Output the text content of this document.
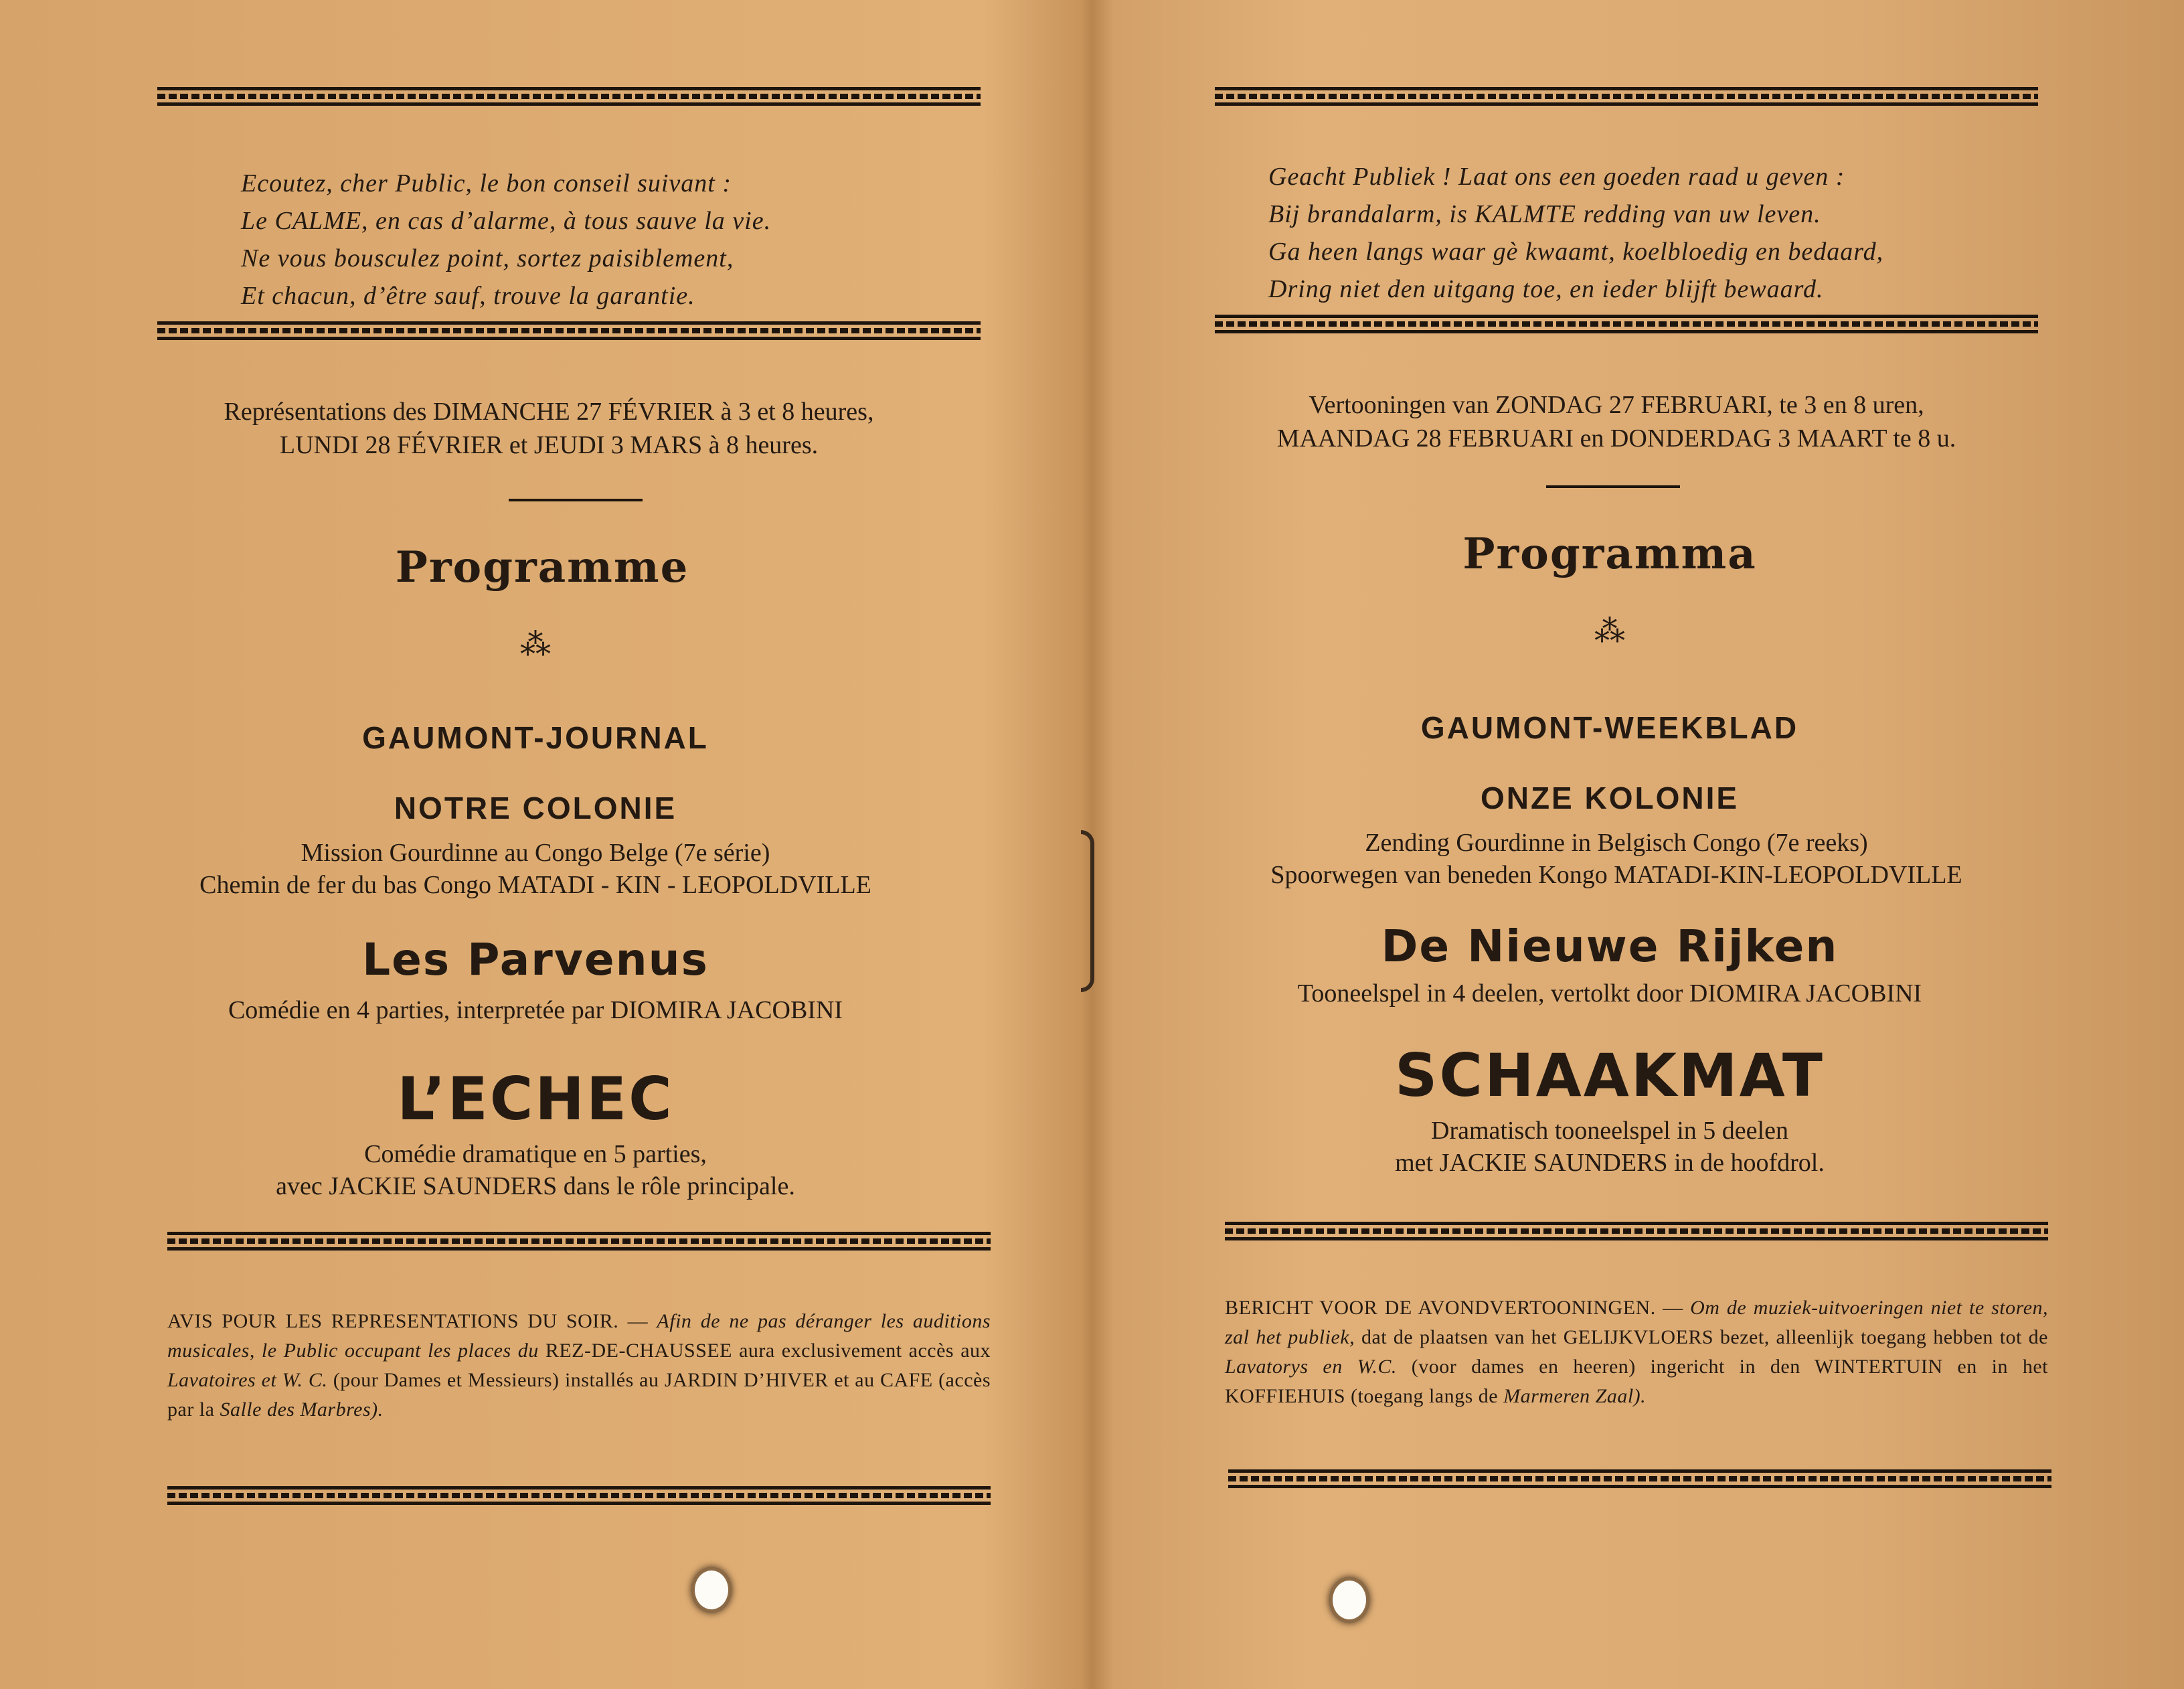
Ecoutez, cher Public, le bon conseil suivant :
Le CALME, en cas d’alarme, à tous sauve la vie.
Ne vous bousculez point, sortez paisiblement,
Et chacun, d’être sauf, trouve la garantie.
Représentations des DIMANCHE 27 FÉVRIER à 3 et 8 heures,
LUNDI 28 FÉVRIER et JEUDI 3 MARS à 8 heures.
Programme
⁂
GAUMONT-JOURNAL
NOTRE COLONIE
Mission Gourdinne au Congo Belge (7e série)
Chemin de fer du bas Congo MATADI - KIN - LEOPOLDVILLE
Les Parvenus
Comédie en 4 parties, interpretée par DIOMIRA JACOBINI
L’ECHEC
Comédie dramatique en 5 parties,
avec JACKIE SAUNDERS dans le rôle principale.
AVIS POUR LES REPRESENTATIONS DU SOIR. — Afin de ne pas déranger les auditions musicales, le Public occupant les places du REZ-DE-CHAUSSEE aura exclusivement accès aux Lavatoires et W. C. (pour Dames et Messieurs) installés au JARDIN D’HIVER et au CAFE (accès par la Salle des Marbres).
Geacht Publiek ! Laat ons een goeden raad u geven :
Bij brandalarm, is KALMTE redding van uw leven.
Ga heen langs waar gè kwaamt, koelbloedig en bedaard,
Dring niet den uitgang toe, en ieder blijft bewaard.
Vertooningen van ZONDAG 27 FEBRUARI, te 3 en 8 uren,
MAANDAG 28 FEBRUARI en DONDERDAG 3 MAART te 8 u.
Programma
⁂
GAUMONT-WEEKBLAD
ONZE KOLONIE
Zending Gourdinne in Belgisch Congo (7e reeks)
Spoorwegen van beneden Kongo MATADI-KIN-LEOPOLDVILLE
De Nieuwe Rijken
Tooneelspel in 4 deelen, vertolkt door DIOMIRA JACOBINI
SCHAAKMAT
Dramatisch tooneelspel in 5 deelen
met JACKIE SAUNDERS in de hoofdrol.
BERICHT VOOR DE AVONDVERTOONINGEN. — Om de muziek-uitvoeringen niet te storen, zal het publiek, dat de plaatsen van het GELIJKVLOERS bezet, alleenlijk toegang hebben tot de Lavatorys en W.C. (voor dames en heeren) ingericht in den WINTERTUIN en in het KOFFIEHUIS (toegang langs de Marmeren Zaal).
